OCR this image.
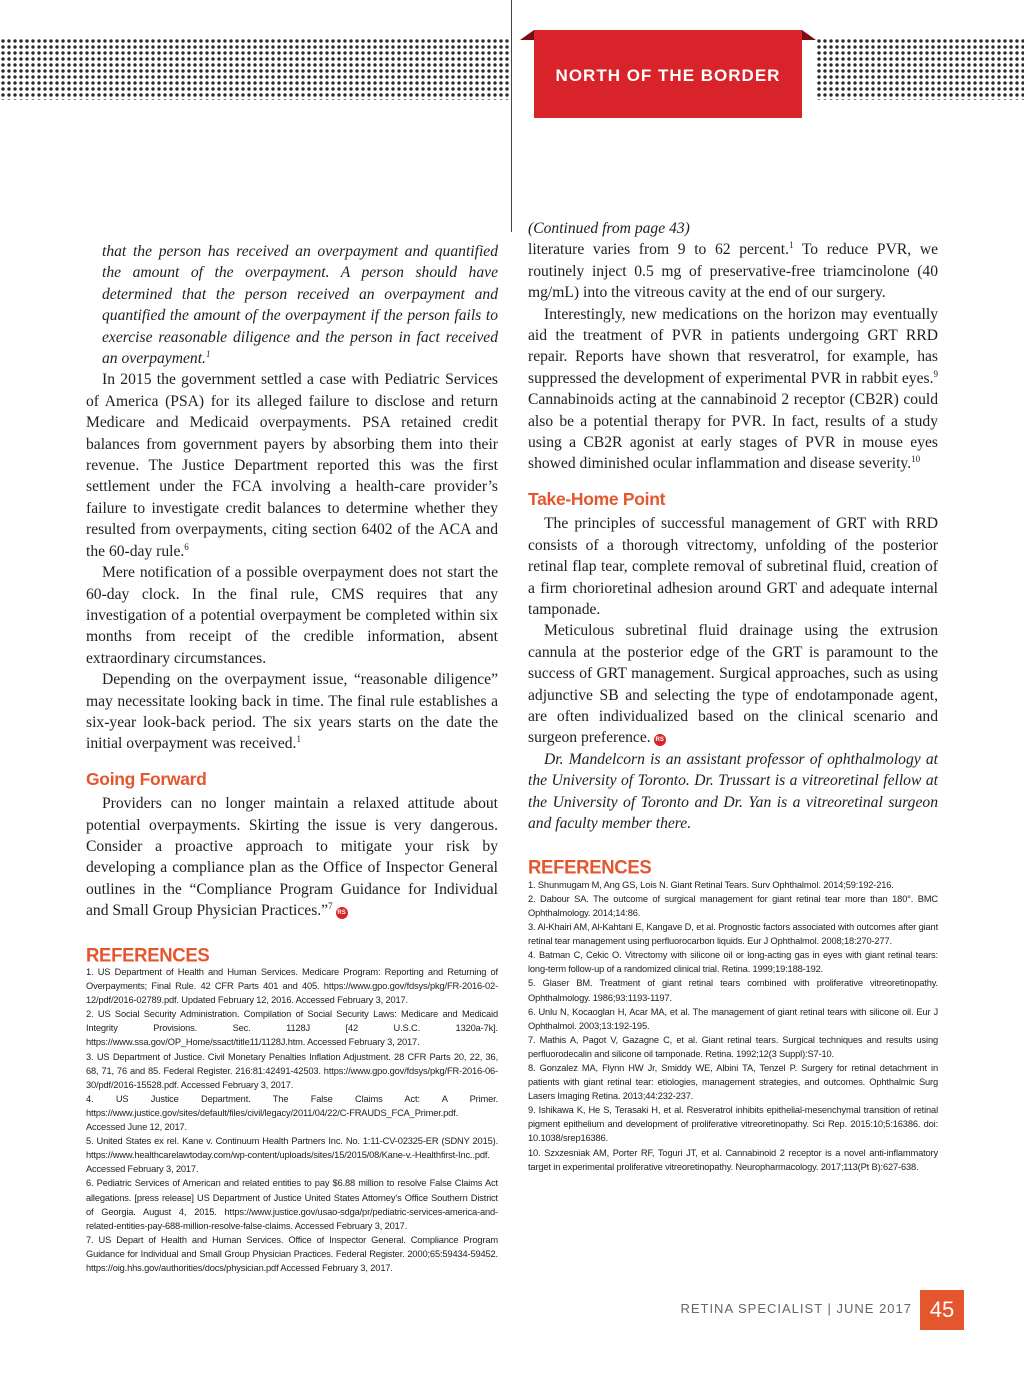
NORTH OF THE BORDER

that the person has received an overpayment and quantified the amount of the overpayment. A person should have determined that the person received an overpayment and quantified the amount of the overpayment if the person fails to exercise reasonable diligence and the person in fact received an overpayment.$^1$

In 2015 the government settled a case with Pediatric Services of America (PSA) for its alleged failure to disclose and return Medicare and Medicaid overpayments. PSA retained credit balances from government payers by absorbing them into their revenue. The Justice Department reported this was the first settlement under the FCA involving a health-care provider’s failure to investigate credit balances to determine whether they resulted from overpayments, citing section 6402 of the ACA and the 60-day rule.$^6$

Mere notification of a possible overpayment does not start the 60-day clock. In the final rule, CMS requires that any investigation of a potential overpayment be completed within six months from receipt of the credible information, absent extraordinary circumstances.

Depending on the overpayment issue, “reasonable diligence” may necessitate looking back in time. The final rule establishes a six-year look-back period. The six years starts on the date the initial overpayment was received.$^1$

Going Forward

Providers can no longer maintain a relaxed attitude about potential overpayments. Skirting the issue is very dangerous. Consider a proactive approach to mitigate your risk by developing a compliance plan as the Office of Inspector General outlines in the “Compliance Program Guidance for Individual and Small Group Physician Practices.”$^7$RS

REFERENCES
1. US Department of Health and Human Services. Medicare Program: Reporting and Returning of Overpayments; Final Rule. 42 CFR Parts 401 and 405. https://www.gpo.gov/fdsys/pkg/FR-2016-02-12/pdf/2016-02789.pdf. Updated February 12, 2016. Accessed February 3, 2017.
2. US Social Security Administration. Compilation of Social Security Laws: Medicare and Medicaid Integrity Provisions. Sec. 1128J [42 U.S.C. 1320a-7k]. https://www.ssa.gov/OP_Home/ssact/title11/1128J.htm. Accessed February 3, 2017.
3. US Department of Justice. Civil Monetary Penalties Inflation Adjustment. 28 CFR Parts 20, 22, 36, 68, 71, 76 and 85. Federal Register. 216:81:42491-42503. https://www.gpo.gov/fdsys/pkg/FR-2016-06-30/pdf/2016-15528.pdf. Accessed February 3, 2017.
4. US Justice Department. The False Claims Act: A Primer. https://www.justice.gov/sites/default/files/civil/legacy/2011/04/22/C-FRAUDS_FCA_Primer.pdf. Accessed June 12, 2017.
5. United States ex rel. Kane v. Continuum Health Partners Inc. No. 1:11-CV-02325-ER (SDNY 2015). https://www.healthcarelawtoday.com/wp-content/uploads/sites/15/2015/08/Kane-v.-Healthfirst-Inc..pdf. Accessed February 3, 2017.
6. Pediatric Services of American and related entities to pay $6.88 million to resolve False Claims Act allegations. [press release] US Department of Justice United States Attorney’s Office Southern District of Georgia. August 4, 2015. https://www.justice.gov/usao-sdga/pr/pediatric-services-america-and-related-entities-pay-688-million-resolve-false-claims. Accessed February 3, 2017.
7. US Depart of Health and Human Services. Office of Inspector General. Compliance Program Guidance for Individual and Small Group Physician Practices. Federal Register. 2000;65:59434-59452. https://oig.hhs.gov/authorities/docs/physician.pdf Accessed February 3, 2017.

(Continued from page 43)

literature varies from 9 to 62 percent.$^1$ To reduce PVR, we routinely inject 0.5 mg of preservative-free triamcinolone (40 mg/mL) into the vitreous cavity at the end of our surgery.

Interestingly, new medications on the horizon may eventually aid the treatment of PVR in patients undergoing GRT RRD repair. Reports have shown that resveratrol, for example, has suppressed the development of experimental PVR in rabbit eyes.$^9$ Cannabinoids acting at the cannabinoid 2 receptor (CB2R) could also be a potential therapy for PVR. In fact, results of a study using a CB2R agonist at early stages of PVR in mouse eyes showed diminished ocular inflammation and disease severity.$^{10}$

Take-Home Point

The principles of successful management of GRT with RRD consists of a thorough vitrectomy, unfolding of the posterior retinal flap tear, complete removal of subretinal fluid, creation of a firm chorioretinal adhesion around GRT and adequate internal tamponade.

Meticulous subretinal fluid drainage using the extrusion cannula at the posterior edge of the GRT is paramount to the success of GRT management. Surgical approaches, such as using adjunctive SB and selecting the type of endotamponade agent, are often individualized based on the clinical scenario and surgeon preference. RS

Dr. Mandelcorn is an assistant professor of ophthalmology at the University of Toronto. Dr. Trussart is a vitreoretinal fellow at the University of Toronto and Dr. Yan is a vitreoretinal surgeon and faculty member there.

REFERENCES
1. Shunmugam M, Ang GS, Lois N. Giant Retinal Tears. Surv Ophthalmol. 2014;59:192-216.
2. Dabour SA. The outcome of surgical management for giant retinal tear more than 180°. BMC Ophthalmology. 2014;14:86.
3. Al-Khairi AM, Al-Kahtani E, Kangave D, et al. Prognostic factors associated with outcomes after giant retinal tear management using perfluorocarbon liquids. Eur J Ophthalmol. 2008;18:270-277.
4. Batman C, Cekic O. Vitrectomy with silicone oil or long-acting gas in eyes with giant retinal tears: long-term follow-up of a randomized clinical trial. Retina. 1999;19:188-192.
5. Glaser BM. Treatment of giant retinal tears combined with proliferative vitreoretinopathy. Ophthalmology. 1986;93:1193-1197.
6. Unlu N, Kocaoglan H, Acar MA, et al. The management of giant retinal tears with silicone oil. Eur J Ophthalmol. 2003;13:192-195.
7. Mathis A, Pagot V, Gazagne C, et al. Giant retinal tears. Surgical techniques and results using perfluorodecalin and silicone oil tamponade. Retina. 1992;12(3 Suppl):S7-10.
8. Gonzalez MA, Flynn HW Jr, Smiddy WE, Albini TA, Tenzel P. Surgery for retinal detachment in patients with giant retinal tear: etiologies, management strategies, and outcomes. Ophthalmic Surg Lasers Imaging Retina. 2013;44:232-237.
9. Ishikawa K, He S, Terasaki H, et al. Resveratrol inhibits epithelial-mesenchymal transition of retinal pigment epithelium and development of proliferative vitreoretinopathy. Sci Rep. 2015:10;5:16386. doi: 10.1038/srep16386.
10. Szxzesniak AM, Porter RF, Toguri JT, et al. Cannabinoid 2 receptor is a novel anti-inflammatory target in experimental proliferative vitreoretinopathy. Neuropharmacology. 2017;113(Pt B):627-638.
RETINA SPECIALIST | JUNE 2017 45
